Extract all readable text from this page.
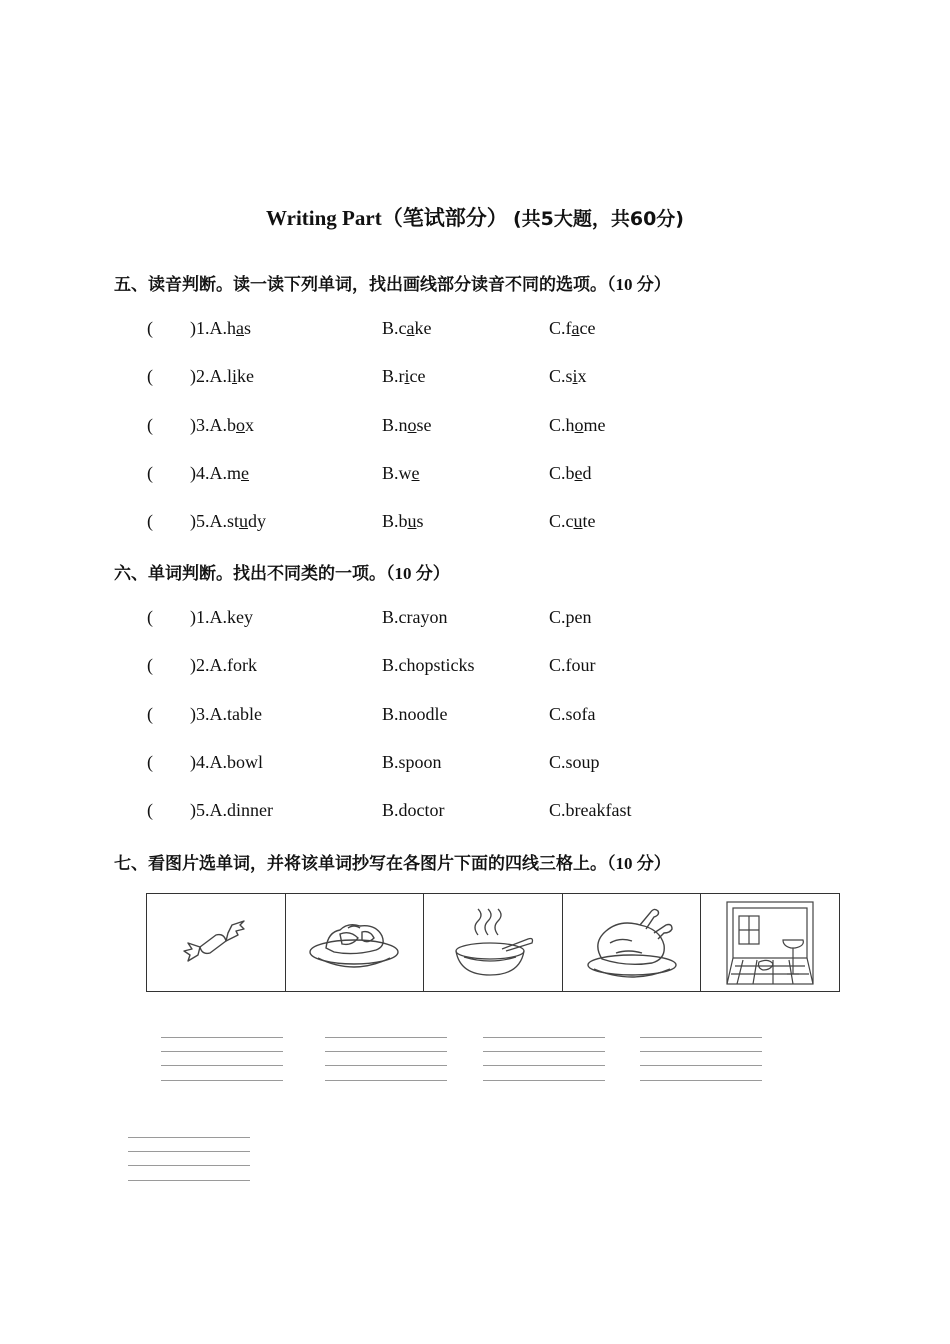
Writing Part（笔试部分） (共5大题，共60分)
五、读音判断。读一读下列单词，找出画线部分读音不同的选项。（10 分）
( )1.A.has	B.cake	C.face
( )2.A.like	B.rice	C.six
( )3.A.box	B.nose	C.home
( )4.A.me	B.we	C.bed
( )5.A.study	B.bus	C.cute
六、单词判断。找出不同类的一项。（10 分）
( )1.A.key	B.crayon	C.pen
( )2.A.fork	B.chopsticks	C.four
( )3.A.table	B.noodle	C.sofa
( )4.A.bowl	B.spoon	C.soup
( )5.A.dinner	B.doctor	C.breakfast
七、看图片选单词，并将该单词抄写在各图片下面的四线三格上。（10 分）
